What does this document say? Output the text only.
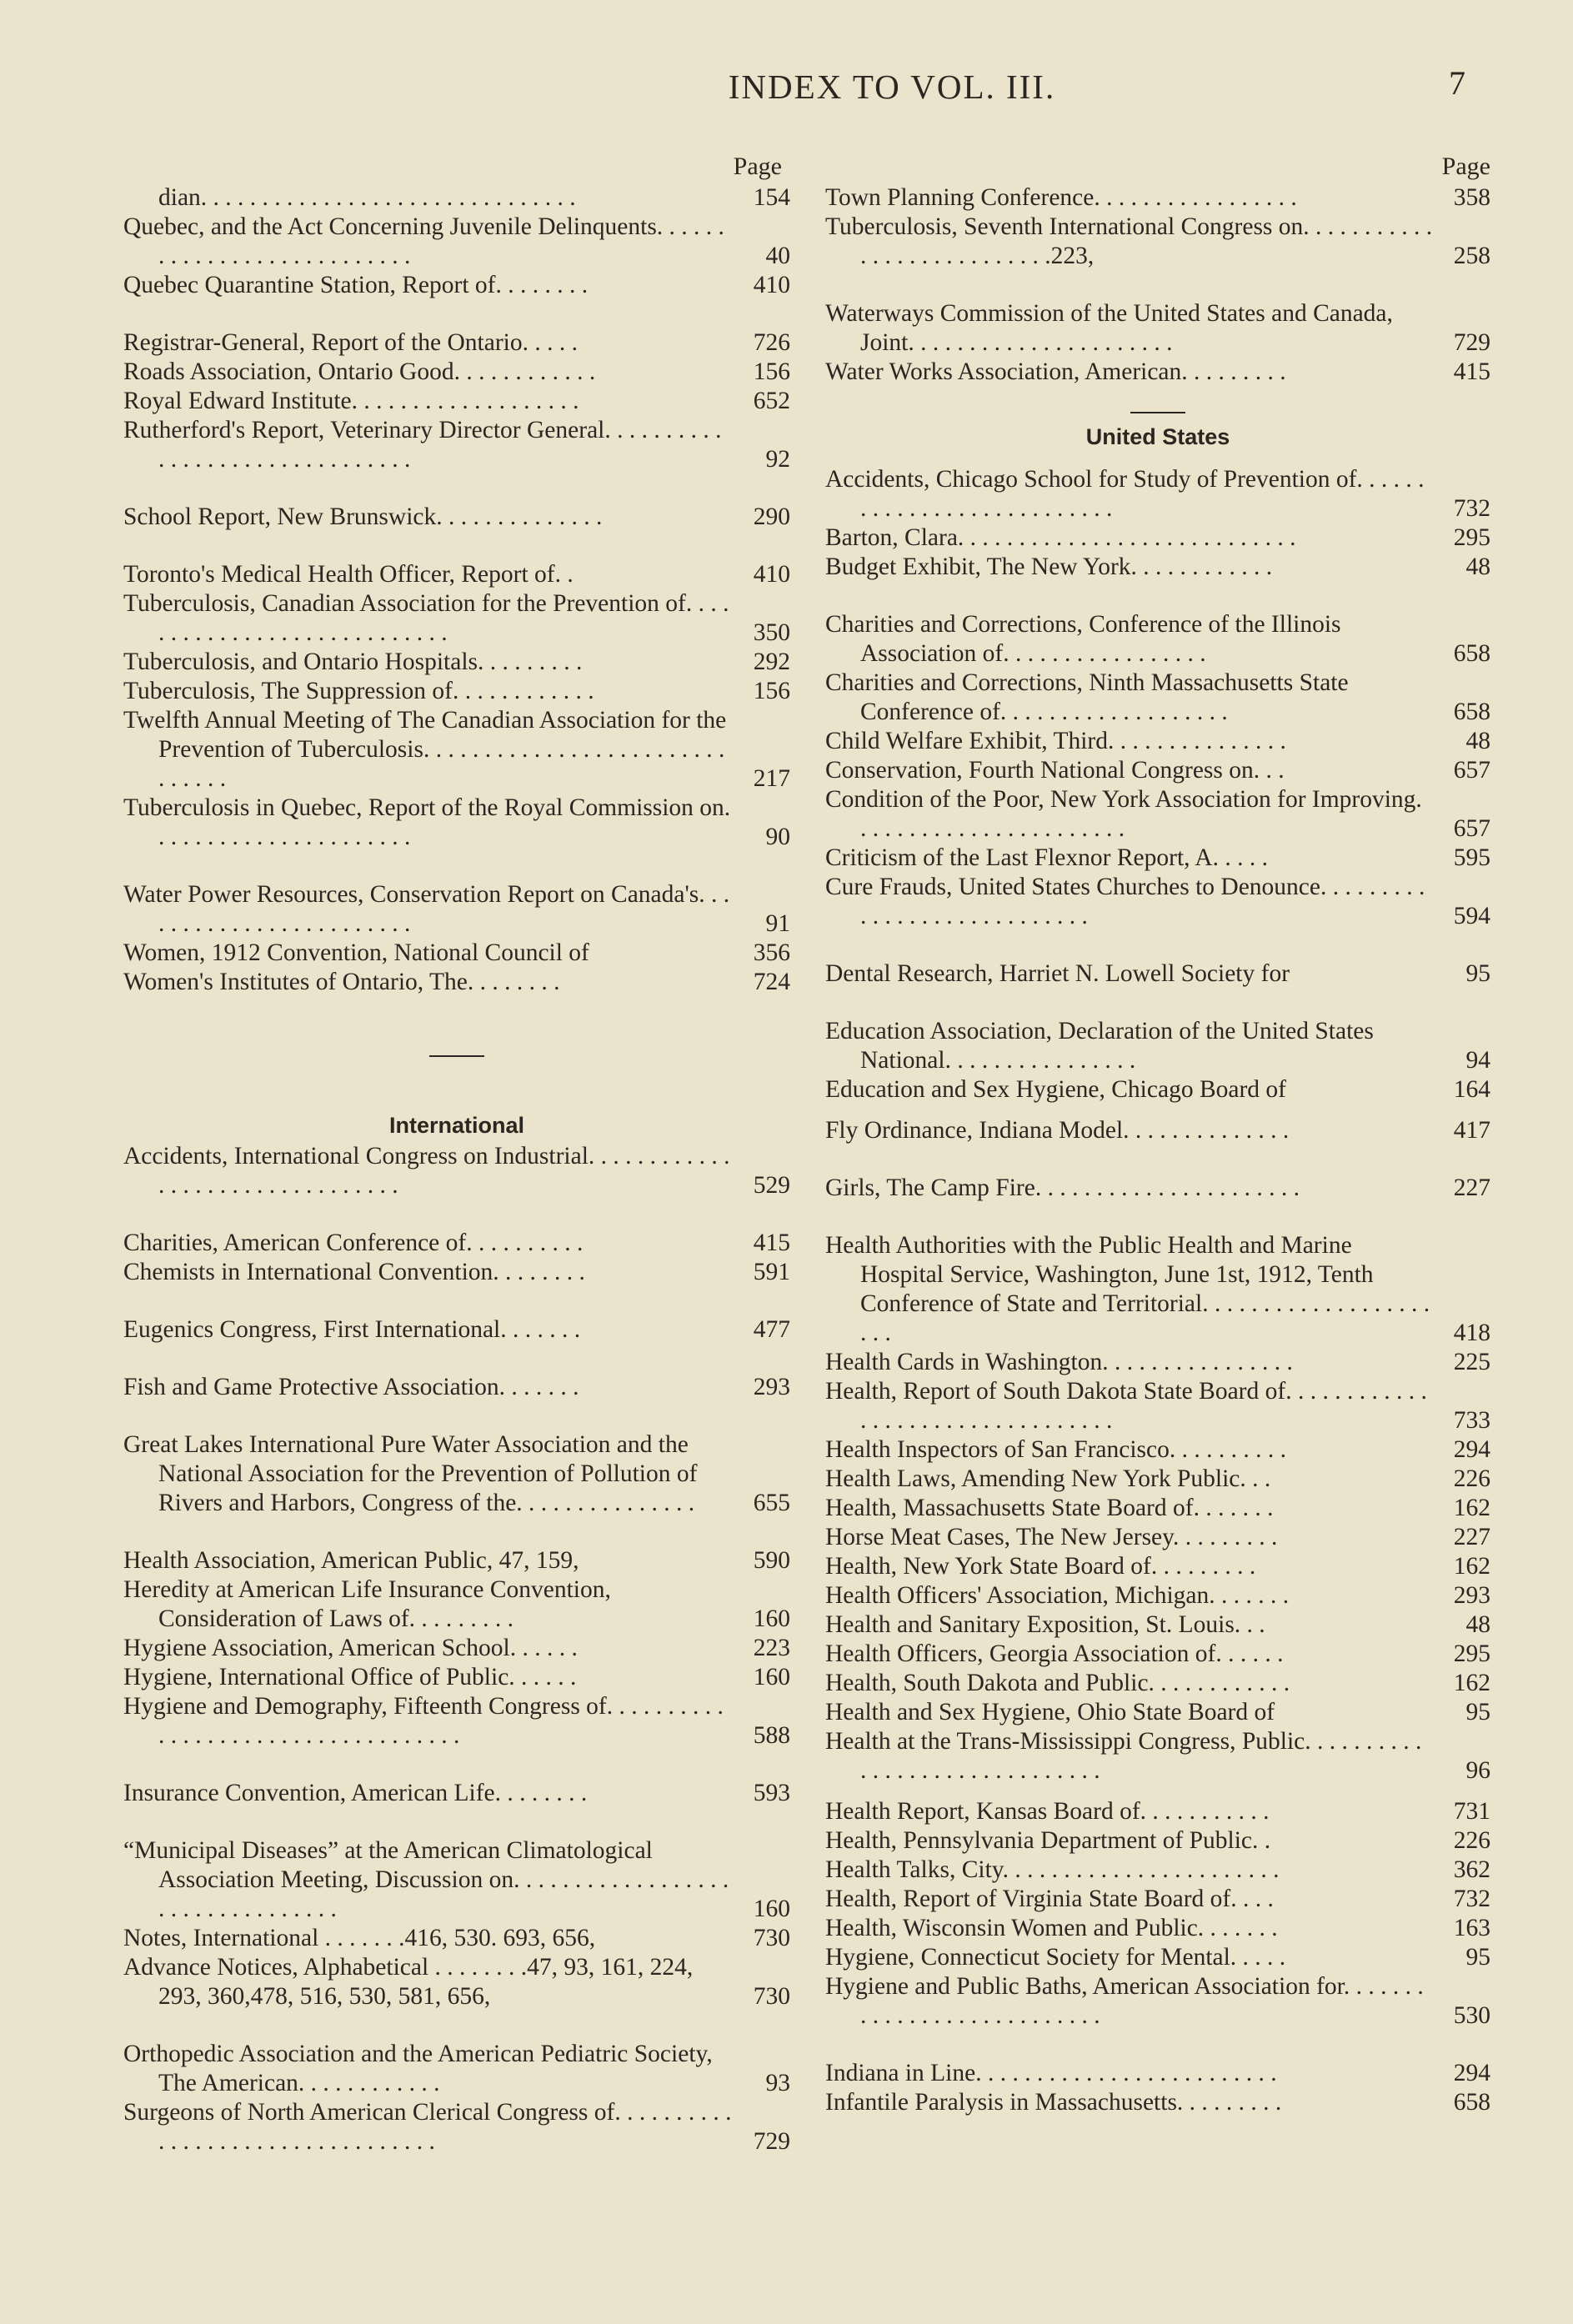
INDEX TO VOL. III.	7
Page
dian. . . . . . . . . . . . . . . . . . . . . . . . . . . . . . .	154
Quebec, and the Act Concerning Juvenile Delinquents. . . . . . . . . . . . . . . . . . . . . . . . . . .	40
Quebec Quarantine Station, Report of. . . . . . . .	410
Registrar-General, Report of the Ontario. . . . .	726
Roads Association, Ontario Good. . . . . . . . . . . .	156
Royal Edward Institute. . . . . . . . . . . . . . . . . . .	652
Rutherford's Report, Veterinary Director General. . . . . . . . . . . . . . . . . . . . . . . . . . . . . . .	92
School Report, New Brunswick. . . . . . . . . . . . . .	290
Toronto's Medical Health Officer, Report of. .	410
Tuberculosis, Canadian Association for the Prevention of. . . . . . . . . . . . . . . . . . . . . . . . . . . .	350
Tuberculosis, and Ontario Hospitals. . . . . . . . .	292
Tuberculosis, The Suppression of. . . . . . . . . . . .	156
Twelfth Annual Meeting of The Canadian Association for the Prevention of Tuberculosis. . . . . . . . . . . . . . . . . . . . . . . . . . . . . . .	217
Tuberculosis in Quebec, Report of the Royal Commission on. . . . . . . . . . . . . . . . . . . . . .	90
Water Power Resources, Conservation Report on Canada's. . . . . . . . . . . . . . . . . . . . . . . .	91
Women, 1912 Convention, National Council of	356
Women's Institutes of Ontario, The. . . . . . . .	724
International
Accidents, International Congress on Industrial. . . . . . . . . . . . . . . . . . . . . . . . . . . . . . . .	529
Charities, American Conference of. . . . . . . . . .	415
Chemists in International Convention. . . . . . . .	591
Eugenics Congress, First International. . . . . . .	477
Fish and Game Protective Association. . . . . . .	293
Great Lakes International Pure Water Association and the National Association for the Prevention of Pollution of Rivers and Harbors, Congress of the. . . . . . . . . . . . . . .	655
Health Association, American Public, 47, 159,	590
Heredity at American Life Insurance Convention, Consideration of Laws of. . . . . . . . .	160
Hygiene Association, American School. . . . . .	223
Hygiene, International Office of Public. . . . . .	160
Hygiene and Demography, Fifteenth Congress of. . . . . . . . . . . . . . . . . . . . . . . . . . . . . . . . . . .	588
Insurance Convention, American Life. . . . . . . .	593
“Municipal Diseases” at the American Climatological Association Meeting, Discussion on. . . . . . . . . . . . . . . . . . . . . . . . . . . . . . . . .	160
Notes, International . . . . . . .416, 530. 693, 656,	730
Advance Notices, Alphabetical . . . . . . . .47, 93, 161, 224, 293, 360,478, 516, 530, 581, 656,	730
Orthopedic Association and the American Pediatric Society, The American. . . . . . . . . . . .	93
Surgeons of North American Clerical Congress of. . . . . . . . . . . . . . . . . . . . . . . . . . . . . . . . .	729
Page
Town Planning Conference. . . . . . . . . . . . . . . . .	358
Tuberculosis, Seventh International Congress on. . . . . . . . . . . . . . . . . . . . . . . . . . .223,	258
Waterways Commission of the United States and Canada, Joint. . . . . . . . . . . . . . . . . . . . . .	729
Water Works Association, American. . . . . . . . .	415
United States
Accidents, Chicago School for Study of Prevention of. . . . . . . . . . . . . . . . . . . . . . . . . . .	732
Barton, Clara. . . . . . . . . . . . . . . . . . . . . . . . . . . .	295
Budget Exhibit, The New York. . . . . . . . . . . .	48
Charities and Corrections, Conference of the Illinois Association of. . . . . . . . . . . . . . . . .	658
Charities and Corrections, Ninth Massachusetts State Conference of. . . . . . . . . . . . . . . . . . .	658
Child Welfare Exhibit, Third. . . . . . . . . . . . . . .	48
Conservation, Fourth National Congress on. . .	657
Condition of the Poor, New York Association for Improving. . . . . . . . . . . . . . . . . . . . . . .	657
Criticism of the Last Flexnor Report, A. . . . .	595
Cure Frauds, United States Churches to Denounce. . . . . . . . . . . . . . . . . . . . . . . . . . . .	594
Dental Research, Harriet N. Lowell Society for	95
Education Association, Declaration of the United States National. . . . . . . . . . . . . . . .	94
Education and Sex Hygiene, Chicago Board of	164
Fly Ordinance, Indiana Model. . . . . . . . . . . . . .	417
Girls, The Camp Fire. . . . . . . . . . . . . . . . . . . . . .	227
Health Authorities with the Public Health and Marine Hospital Service, Washington, June 1st, 1912, Tenth Conference of State and Territorial. . . . . . . . . . . . . . . . . . . . . .	418
Health Cards in Washington. . . . . . . . . . . . . . . .	225
Health, Report of South Dakota State Board of. . . . . . . . . . . . . . . . . . . . . . . . . . . . . . . . .	733
Health Inspectors of San Francisco. . . . . . . . . .	294
Health Laws, Amending New York Public. . .	226
Health, Massachusetts State Board of. . . . . . .	162
Horse Meat Cases, The New Jersey. . . . . . . . .	227
Health, New York State Board of. . . . . . . . .	162
Health Officers' Association, Michigan. . . . . . .	293
Health and Sanitary Exposition, St. Louis. . .	48
Health Officers, Georgia Association of. . . . . .	295
Health, South Dakota and Public. . . . . . . . . . . .	162
Health and Sex Hygiene, Ohio State Board of	95
Health at the Trans-Mississippi Congress, Public. . . . . . . . . . . . . . . . . . . . . . . . . . . . . .	96
Health Report, Kansas Board of. . . . . . . . . . .	731
Health, Pennsylvania Department of Public. .	226
Health Talks, City. . . . . . . . . . . . . . . . . . . . . . .	362
Health, Report of Virginia State Board of. . . .	732
Health, Wisconsin Women and Public. . . . . . .	163
Hygiene, Connecticut Society for Mental. . . . .	95
Hygiene and Public Baths, American Association for. . . . . . . . . . . . . . . . . . . . . . . . . . .	530
Indiana in Line. . . . . . . . . . . . . . . . . . . . . . . . .	294
Infantile Paralysis in Massachusetts. . . . . . . . .	658
